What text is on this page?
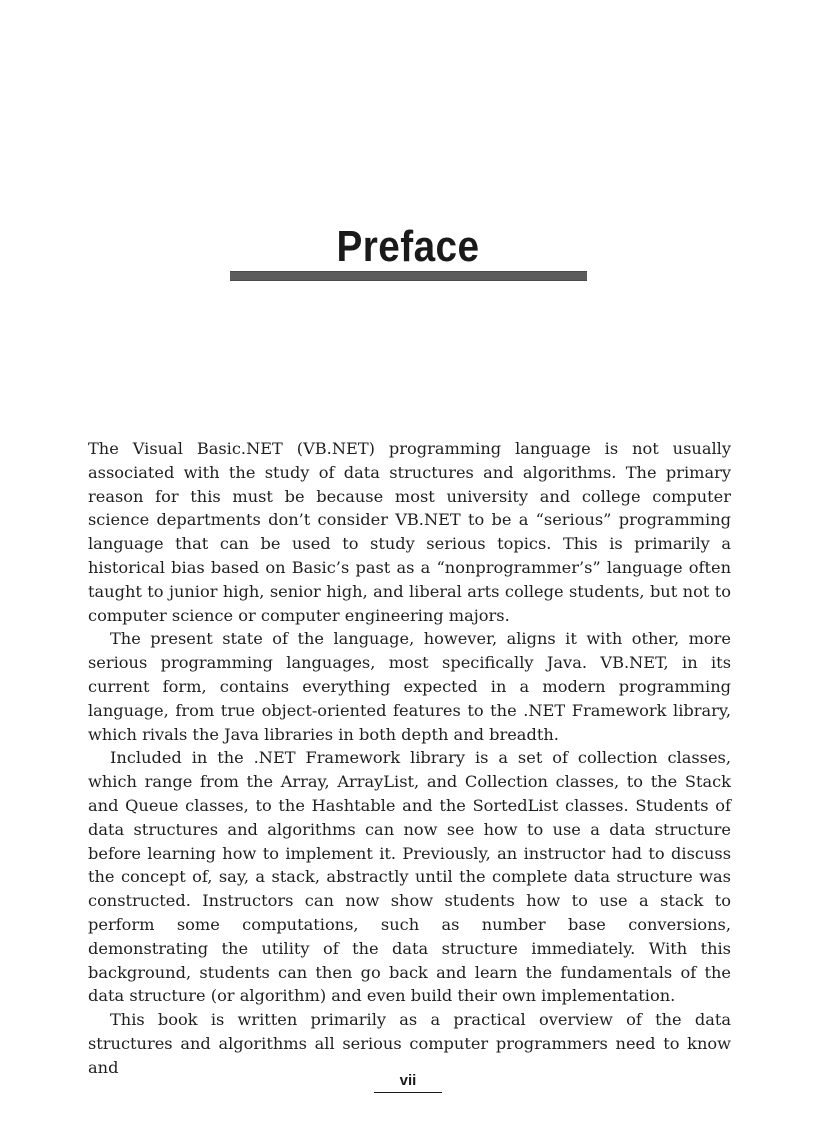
Preface

The Visual Basic.NET (VB.NET) programming language is not usually associated with the study of data structures and algorithms. The primary reason for this must be because most university and college computer science departments don’t consider VB.NET to be a “serious” programming language that can be used to study serious topics. This is primarily a historical bias based on Basic’s past as a “nonprogrammer’s” language often taught to junior high, senior high, and liberal arts college students, but not to computer science or computer engineering majors.

The present state of the language, however, aligns it with other, more serious programming languages, most specifically Java. VB.NET, in its current form, contains everything expected in a modern programming language, from true object-oriented features to the .NET Framework library, which rivals the Java libraries in both depth and breadth.

Included in the .NET Framework library is a set of collection classes, which range from the Array, ArrayList, and Collection classes, to the Stack and Queue classes, to the Hashtable and the SortedList classes. Students of data structures and algorithms can now see how to use a data structure before learning how to implement it. Previously, an instructor had to discuss the concept of, say, a stack, abstractly until the complete data structure was constructed. Instructors can now show students how to use a stack to perform some computations, such as number base conversions, demonstrating the utility of the data structure immediately. With this background, students can then go back and learn the fundamentals of the data structure (or algorithm) and even build their own implementation.

This book is written primarily as a practical overview of the data structures and algorithms all serious computer programmers need to know and

vii
